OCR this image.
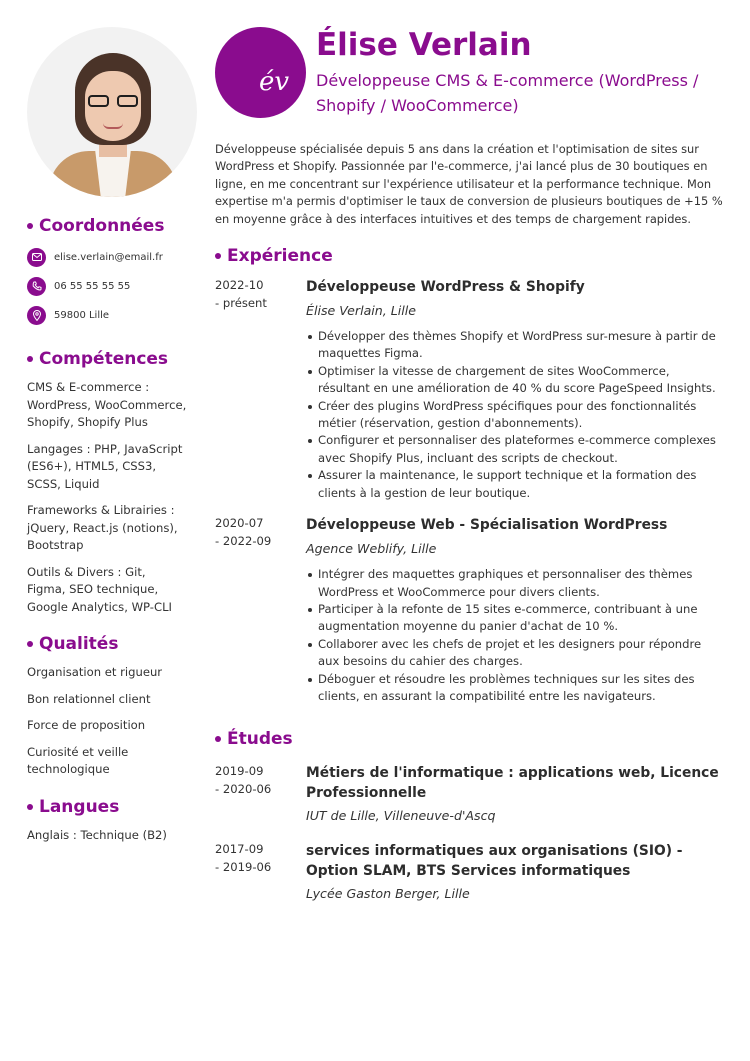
Coordonnées
elise.verlain@email.fr
06 55 55 55 55
59800 Lille
Compétences
CMS & E-commerce : WordPress, WooCommerce, Shopify, Shopify Plus
Langages : PHP, JavaScript (ES6+), HTML5, CSS3, SCSS, Liquid
Frameworks & Librairies : jQuery, React.js (notions), Bootstrap
Outils & Divers : Git, Figma, SEO technique, Google Analytics, WP-CLI
Qualités
Organisation et rigueur
Bon relationnel client
Force de proposition
Curiosité et veille technologique
Langues
Anglais : Technique (B2)
év
Élise Verlain
Développeuse CMS & E-commerce (WordPress / Shopify / WooCommerce)

Développeuse spécialisée depuis 5 ans dans la création et l'optimisation de sites sur WordPress et Shopify. Passionnée par l'e-commerce, j'ai lancé plus de 30 boutiques en ligne, en me concentrant sur l'expérience utilisateur et la performance technique. Mon expertise m'a permis d'optimiser le taux de conversion de plusieurs boutiques de +15 % en moyenne grâce à des interfaces intuitives et des temps de chargement rapides.

Expérience
2022-10
- présent
Développeuse WordPress & Shopify
Élise Verlain, Lille
Développer des thèmes Shopify et WordPress sur-mesure à partir de maquettes Figma.
Optimiser la vitesse de chargement de sites WooCommerce, résultant en une amélioration de 40 % du score PageSpeed Insights.
Créer des plugins WordPress spécifiques pour des fonctionnalités métier (réservation, gestion d'abonnements).
Configurer et personnaliser des plateformes e-commerce complexes avec Shopify Plus, incluant des scripts de checkout.
Assurer la maintenance, le support technique et la formation des clients à la gestion de leur boutique.
2020-07
- 2022-09
Développeuse Web - Spécialisation WordPress
Agence Weblify, Lille
Intégrer des maquettes graphiques et personnaliser des thèmes WordPress et WooCommerce pour divers clients.
Participer à la refonte de 15 sites e-commerce, contribuant à une augmentation moyenne du panier d'achat de 10 %.
Collaborer avec les chefs de projet et les designers pour répondre aux besoins du cahier des charges.
Déboguer et résoudre les problèmes techniques sur les sites des clients, en assurant la compatibilité entre les navigateurs.
Études
2019-09
- 2020-06
Métiers de l'informatique : applications web, Licence Professionnelle
IUT de Lille, Villeneuve-d'Ascq
2017-09
- 2019-06
services informatiques aux organisations (SIO) - Option SLAM, BTS Services informatiques
Lycée Gaston Berger, Lille
